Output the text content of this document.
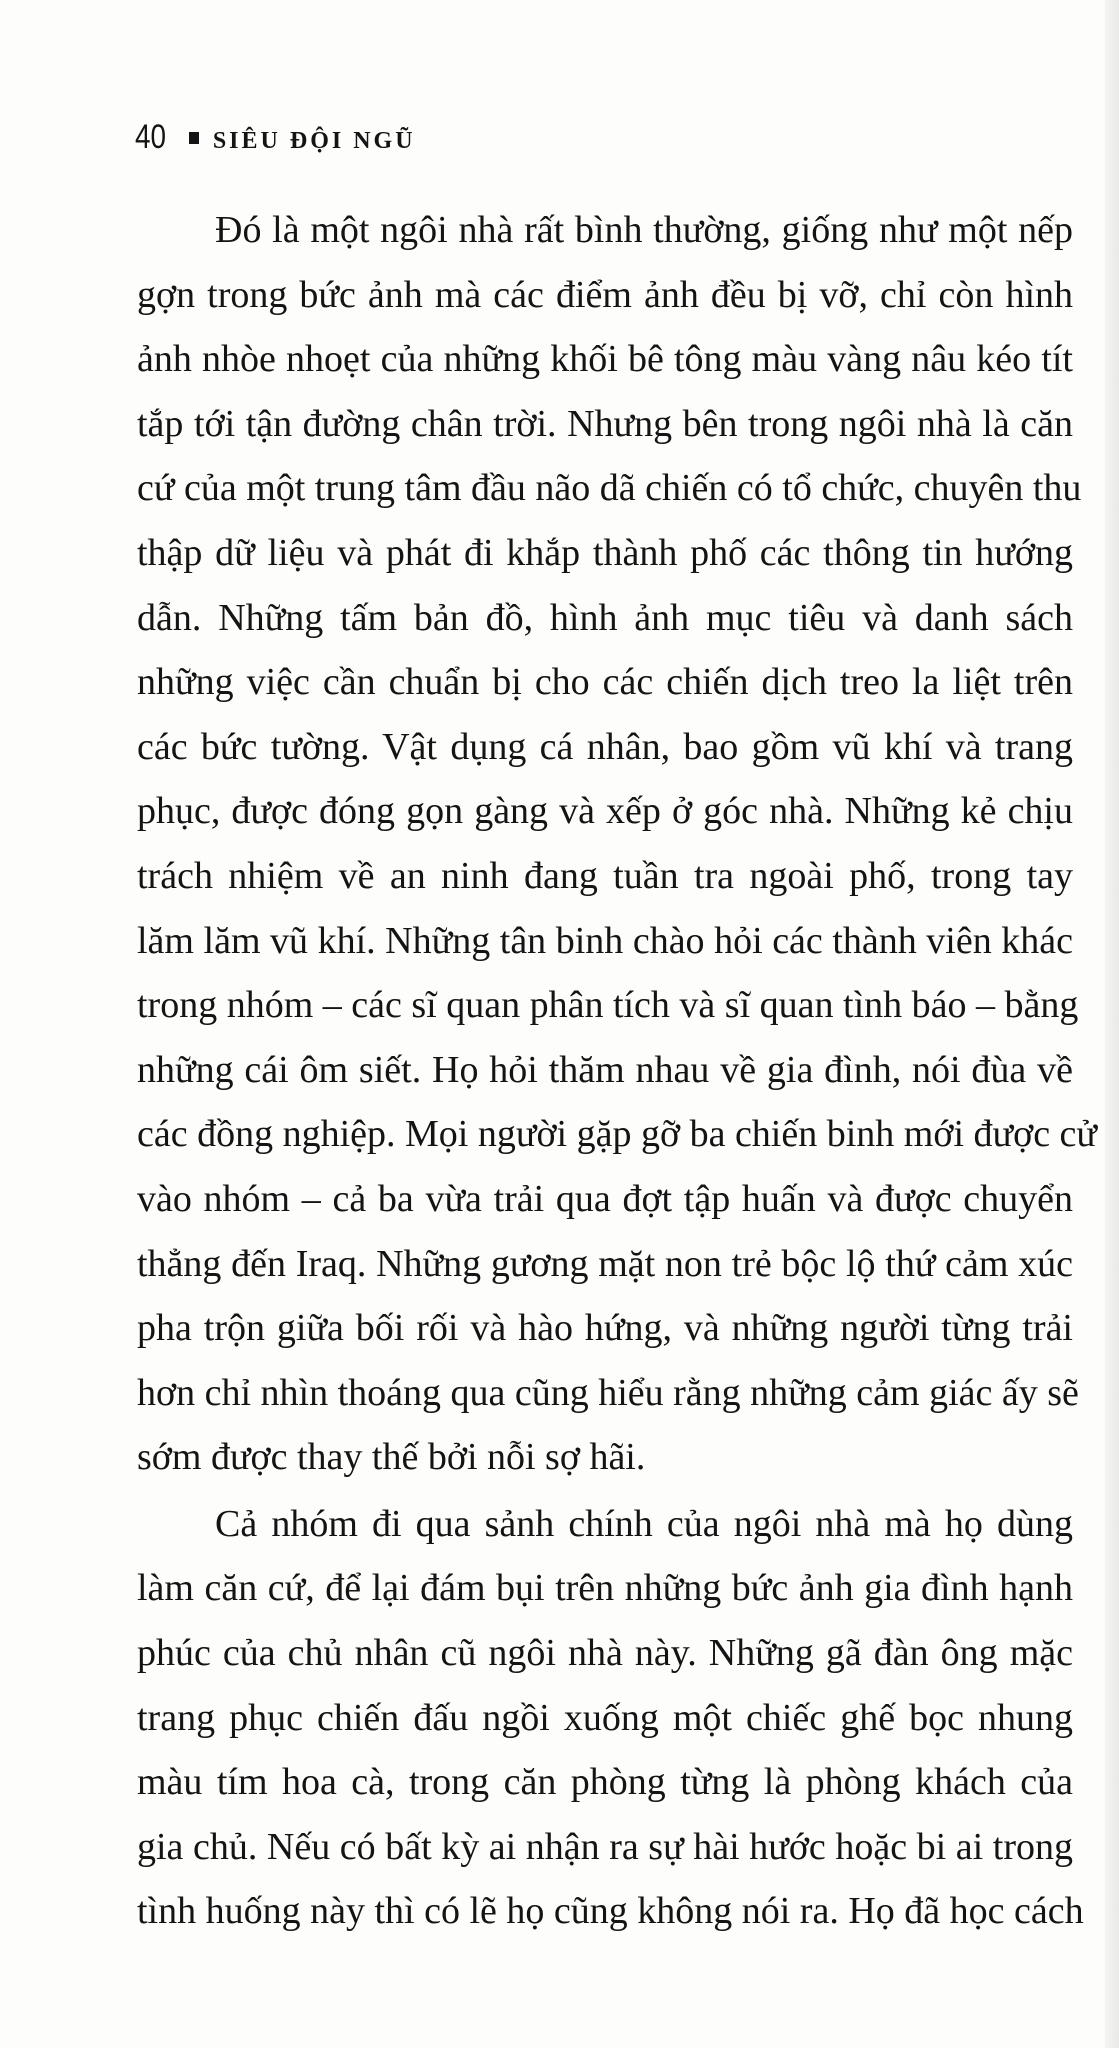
40 SIÊU ĐỘI NGŨ
Đó là một ngôi nhà rất bình thường, giống như một nếp
gợn trong bức ảnh mà các điểm ảnh đều bị vỡ, chỉ còn hình
ảnh nhòe nhoẹt của những khối bê tông màu vàng nâu kéo tít
tắp tới tận đường chân trời. Nhưng bên trong ngôi nhà là căn
cứ của một trung tâm đầu não dã chiến có tổ chức, chuyên thu
thập dữ liệu và phát đi khắp thành phố các thông tin hướng
dẫn. Những tấm bản đồ, hình ảnh mục tiêu và danh sách
những việc cần chuẩn bị cho các chiến dịch treo la liệt trên
các bức tường. Vật dụng cá nhân, bao gồm vũ khí và trang
phục, được đóng gọn gàng và xếp ở góc nhà. Những kẻ chịu
trách nhiệm về an ninh đang tuần tra ngoài phố, trong tay
lăm lăm vũ khí. Những tân binh chào hỏi các thành viên khác
trong nhóm – các sĩ quan phân tích và sĩ quan tình báo – bằng
những cái ôm siết. Họ hỏi thăm nhau về gia đình, nói đùa về
các đồng nghiệp. Mọi người gặp gỡ ba chiến binh mới được cử
vào nhóm – cả ba vừa trải qua đợt tập huấn và được chuyển
thẳng đến Iraq. Những gương mặt non trẻ bộc lộ thứ cảm xúc
pha trộn giữa bối rối và hào hứng, và những người từng trải
hơn chỉ nhìn thoáng qua cũng hiểu rằng những cảm giác ấy sẽ
sớm được thay thế bởi nỗi sợ hãi.
Cả nhóm đi qua sảnh chính của ngôi nhà mà họ dùng
làm căn cứ, để lại đám bụi trên những bức ảnh gia đình hạnh
phúc của chủ nhân cũ ngôi nhà này. Những gã đàn ông mặc
trang phục chiến đấu ngồi xuống một chiếc ghế bọc nhung
màu tím hoa cà, trong căn phòng từng là phòng khách của
gia chủ. Nếu có bất kỳ ai nhận ra sự hài hước hoặc bi ai trong
tình huống này thì có lẽ họ cũng không nói ra. Họ đã học cách
